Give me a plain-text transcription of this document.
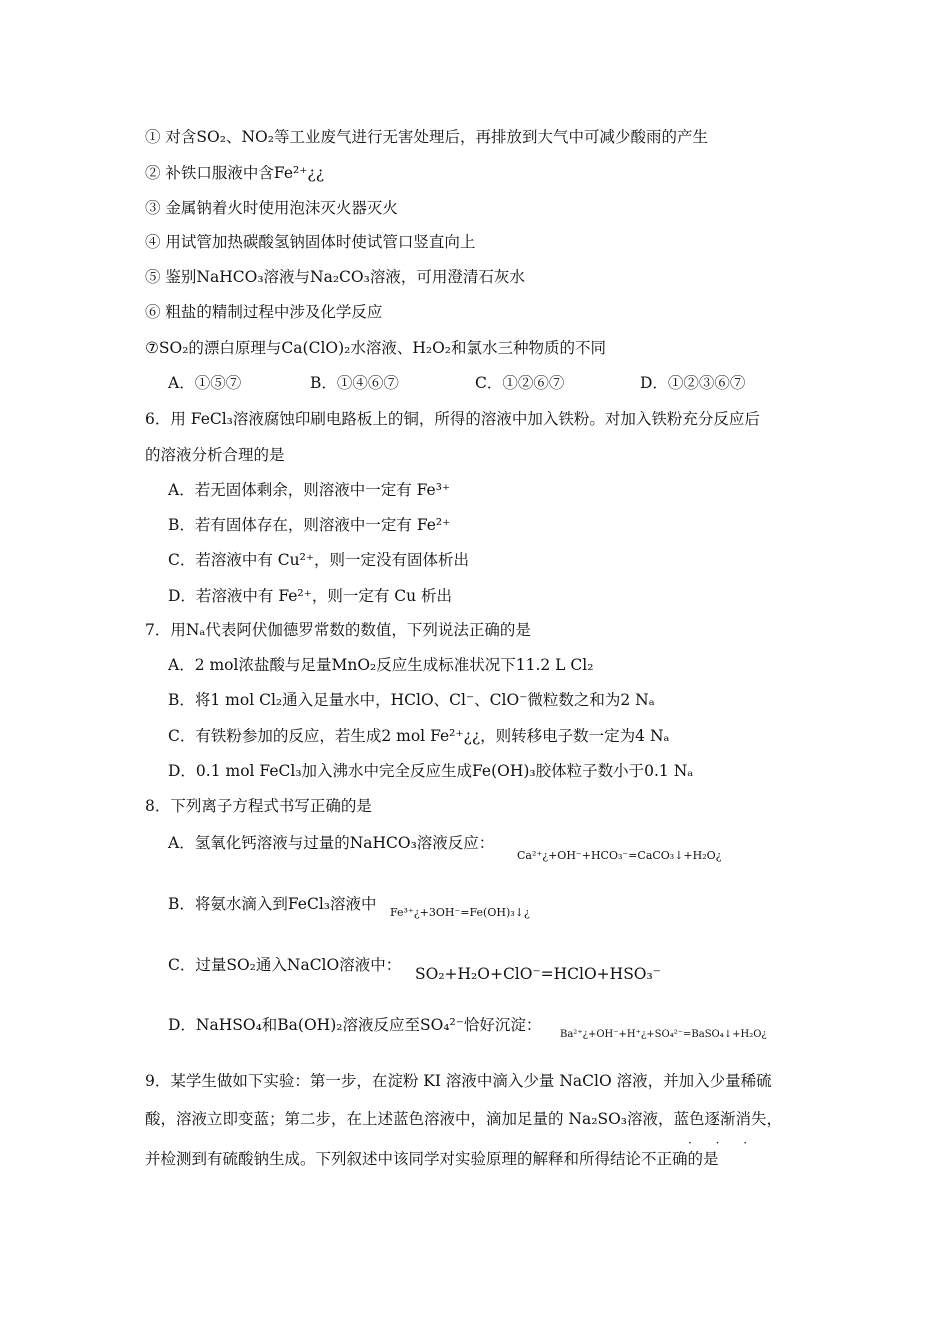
① 对含SO₂、NO₂等工业废气进行无害处理后，再排放到大气中可减少酸雨的产生
② 补铁口服液中含Fe²⁺¿¿
③ 金属钠着火时使用泡沫灭火器灭火
④ 用试管加热碳酸氢钠固体时使试管口竖直向上
⑤ 鉴别NaHCO₃溶液与Na₂CO₃溶液，可用澄清石灰水
⑥ 粗盐的精制过程中涉及化学反应
⑦SO₂的漂白原理与Ca(ClO)₂水溶液、H₂O₂和氯水三种物质的不同
A．①⑤⑦	B．①④⑥⑦	C．①②⑥⑦	D．①②③⑥⑦
6．用 FeCl₃溶液腐蚀印刷电路板上的铜，所得的溶液中加入铁粉。对加入铁粉充分反应后
的溶液分析合理的是
A．若无固体剩余，则溶液中一定有 Fe³⁺
B．若有固体存在，则溶液中一定有 Fe²⁺
C．若溶液中有 Cu²⁺，则一定没有固体析出
D．若溶液中有 Fe²⁺，则一定有 Cu 析出
7．用Nₐ代表阿伏伽德罗常数的数值，下列说法正确的是
A．2 mol浓盐酸与足量MnO₂反应生成标准状况下11.2 L Cl₂
B．将1 mol Cl₂通入足量水中，HClO、Cl⁻、ClO⁻微粒数之和为2 Nₐ
C．有铁粉参加的反应，若生成2 mol Fe²⁺¿¿，则转移电子数一定为4 Nₐ
D．0.1 mol FeCl₃加入沸水中完全反应生成Fe(OH)₃胶体粒子数小于0.1 Nₐ
8．下列离子方程式书写正确的是
A．氢氧化钙溶液与过量的NaHCO₃溶液反应：
Ca²⁺¿+OH⁻+HCO₃⁻=CaCO₃↓+H₂O¿
B．将氨水滴入到FeCl₃溶液中 Fe³⁺¿+3OH⁻=Fe(OH)₃↓¿
C．过量SO₂通入NaClO溶液中： SO₂+H₂O+ClO⁻=HClO+HSO₃⁻
D．NaHSO₄和Ba(OH)₂溶液反应至SO₄²⁻恰好沉淀：
Ba²⁺¿+OH⁻+H⁺¿+SO₄²⁻=BaSO₄↓+H₂O¿
9．某学生做如下实验：第一步，在淀粉 KI 溶液中滴入少量 NaClO 溶液，并加入少量稀硫
酸，溶液立即变蓝；第二步，在上述蓝色溶液中，滴加足量的 Na₂SO₃溶液，蓝色逐渐消失，
· · ·
并检测到有硫酸钠生成。下列叙述中该同学对实验原理的解释和所得结论不正确的是
